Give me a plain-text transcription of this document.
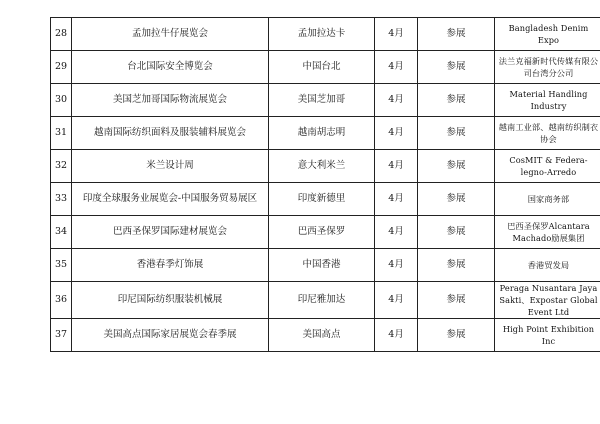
28	孟加拉牛仔展览会	孟加拉达卡	4月	参展	Bangladesh Denim Expo
29	台北国际安全博览会	中国台北	4月	参展	法兰克福新时代传媒有限公司台湾分公司
30	美国芝加哥国际物流展览会	美国芝加哥	4月	参展	Material Handling Industry
31	越南国际纺织面料及服装辅料展览会	越南胡志明	4月	参展	越南工业部、越南纺织制衣协会
32	米兰设计周	意大利米兰	4月	参展	CosMIT & Federa-legno-Arredo
33	印度全球服务业展览会-中国服务贸易展区	印度新德里	4月	参展	国家商务部
34	巴西圣保罗国际建材展览会	巴西圣保罗	4月	参展	巴西圣保罗Alcantara Machado励展集团
35	香港春季灯饰展	中国香港	4月	参展	香港贸发局
36	印尼国际纺织服装机械展	印尼雅加达	4月	参展	Peraga Nusantara Jaya Sakti、Expostar Global Event Ltd
37	美国高点国际家居展览会春季展	美国高点	4月	参展	High Point Exhibition Inc
